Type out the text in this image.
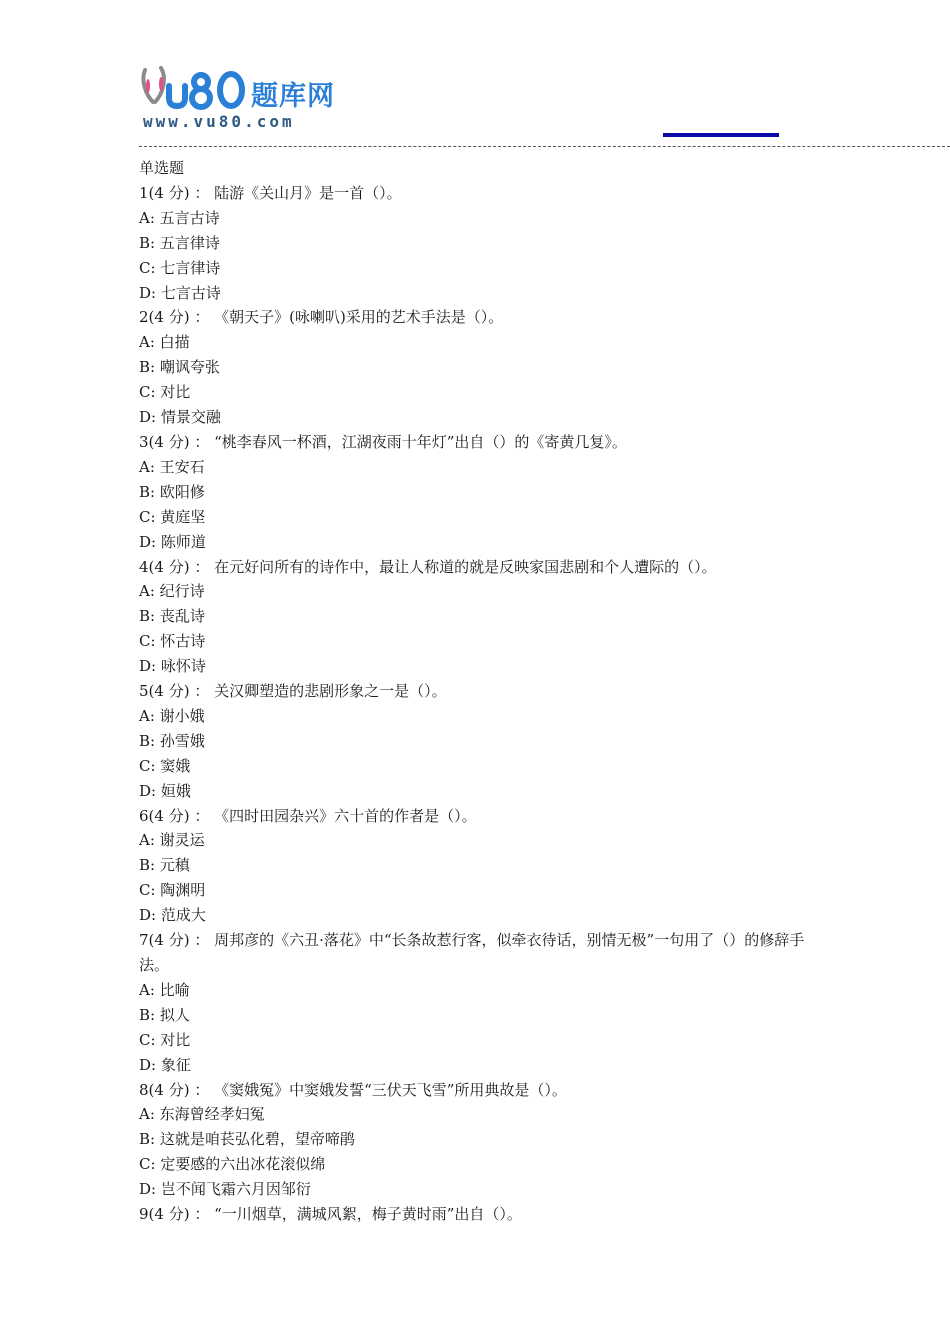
题库网
www.vu80.com
单选题
1(4 分) ： 陆游《关山月》是一首（）。
A: 五言古诗
B: 五言律诗
C: 七言律诗
D: 七言古诗
2(4 分) ： 《朝天子》(咏喇叭)采用的艺术手法是（）。
A: 白描
B: 嘲讽夸张
C: 对比
D: 情景交融
3(4 分) ： “桃李春风一杯酒，江湖夜雨十年灯”出自（）的《寄黄几复》。
A: 王安石
B: 欧阳修
C: 黄庭坚
D: 陈师道
4(4 分) ： 在元好问所有的诗作中，最让人称道的就是反映家国悲剧和个人遭际的（）。
A: 纪行诗
B: 丧乱诗
C: 怀古诗
D: 咏怀诗
5(4 分) ： 关汉卿塑造的悲剧形象之一是（）。
A: 谢小娥
B: 孙雪娥
C: 窦娥
D: 姮娥
6(4 分) ： 《四时田园杂兴》六十首的作者是（）。
A: 谢灵运
B: 元稹
C: 陶渊明
D: 范成大
7(4 分) ： 周邦彦的《六丑·落花》中“长条故惹行客，似牵衣待话，别情无极”一句用了（）的修辞手法。
A: 比喻
B: 拟人
C: 对比
D: 象征
8(4 分) ： 《窦娥冤》中窦娥发誓“三伏天飞雪”所用典故是（）。
A: 东海曾经孝妇冤
B: 这就是咱苌弘化碧，望帝啼鹃
C: 定要感的六出冰花滚似绵
D: 岂不闻飞霜六月因邹衍
9(4 分) ： “一川烟草，满城风絮，梅子黄时雨”出自（）。
